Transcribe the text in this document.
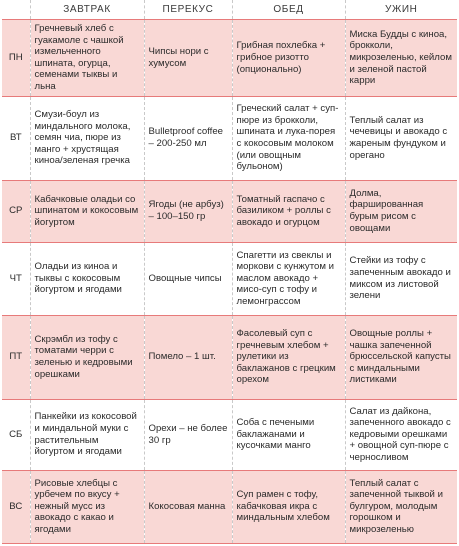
	ЗАВТРАК	ПЕРЕКУС	ОБЕД	УЖИН
ПН	Гречневый хлеб с гуакамоле с чашкой измельченного шпината, огурца, семенами тыквы и льна	Чипсы нори с хумусом	Грибная похлебка + грибное ризотто (опционально)	Миска Будды с киноа, брокколи, микрозеленью, кейлом и зеленой пастой карри
ВТ	Смузи-боул из миндального молока, семян чиа, пюре из манго + хрустящая киноа/зеленая гречка	Bulletproof coffee – 200-250 мл	Греческий салат + суп-пюре из брокколи, шпината и лука-порея с кокосовым молоком (или овощным бульоном)	Теплый салат из чечевицы и авокадо с жареным фундуком и орегано
СР	Кабачковые оладьи со шпинатом и кокосовым йогуртом	Ягоды (не арбуз) – 100–150 гр	Томатный гаспачо с базиликом + роллы с авокадо и огурцом	Долма, фаршированная бурым рисом с овощами
ЧТ	Оладьи из киноа и тыквы с кокосовым йогуртом и ягодами	Овощные чипсы	Спагетти из свеклы и моркови с кунжутом и маслом авокадо + мисо-суп с тофу и лемонграссом	Стейки из тофу с запеченным авокадо и миксом из листовой зелени
ПТ	Скрэмбл из тофу с томатами черри с зеленью и кедровыми орешками	Помело – 1 шт.	Фасолевый суп с гречневым хлебом + рулетики из баклажанов с грецким орехом	Овощные роллы + чашка запеченной брюссельской капусты с миндальными листиками
СБ	Панкейки из кокосовой и миндальной муки с растительным йогуртом и ягодами	Орехи – не более 30 гр	Соба с печеными баклажанами и кусочками манго	Салат из дайкона, запеченного авокадо с кедровыми орешками + овощной суп-пюре с черносливом
ВС	Рисовые хлебцы с урбечем по вкусу + нежный мусс из авокадо с какао и ягодами	Кокосовая манна	Суп рамен с тофу, кабачковая икра с миндальным хлебом	Теплый салат с запеченной тыквой и булгуром, молодым горошком и микрозеленью
